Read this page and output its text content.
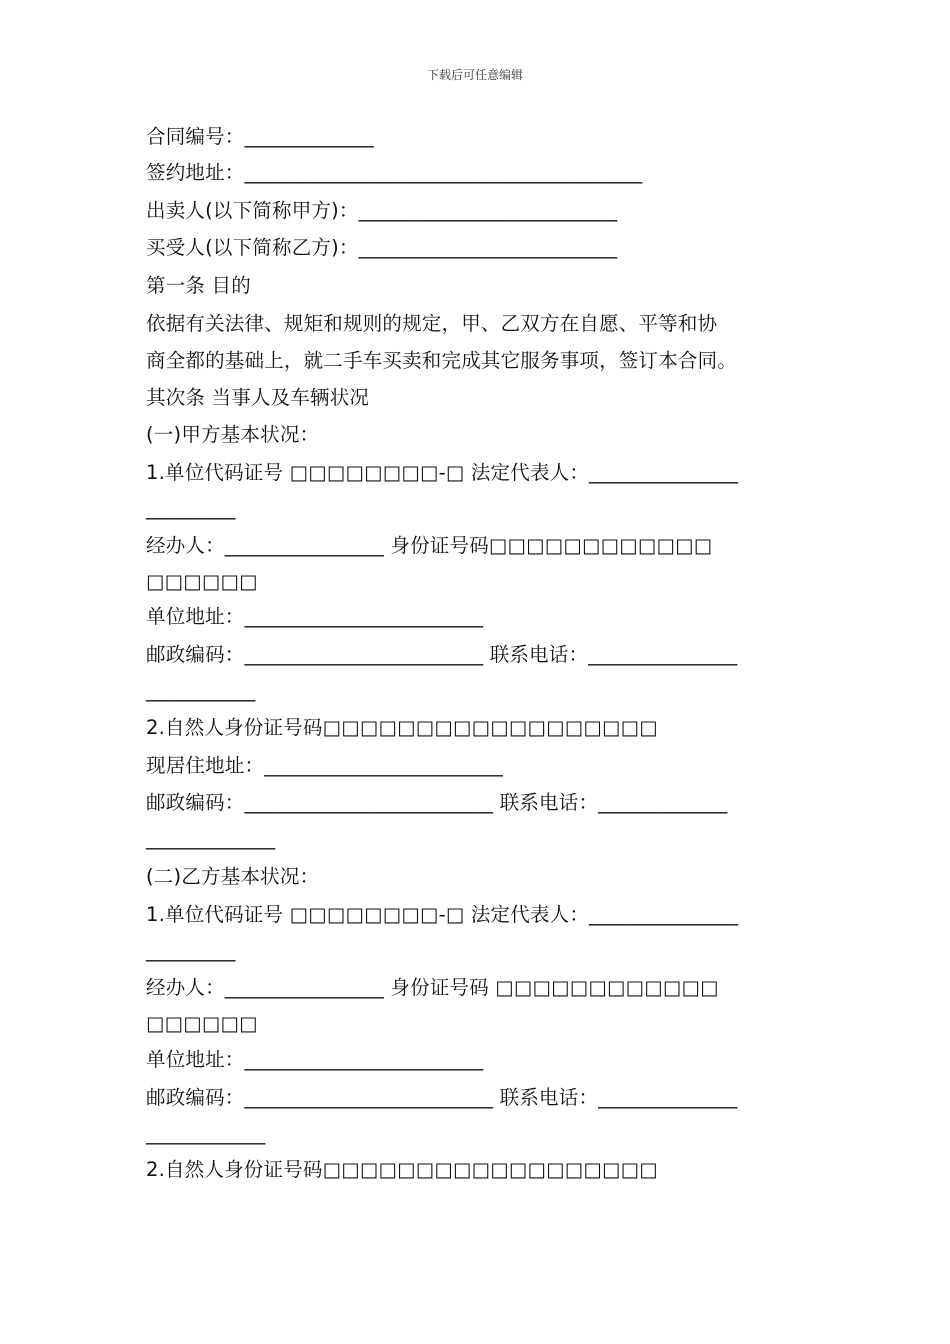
下载后可任意编辑
合同编号：_____________
签约地址：________________________________________
出卖人(以下简称甲方)：__________________________
买受人(以下简称乙方)：__________________________
第一条 目的
依据有关法律、规矩和规则的规定，甲、乙双方在自愿、平等和协
商全都的基础上，就二手车买卖和完成其它服务事项，签订本合同。
其次条 当事人及车辆状况
(一)甲方基本状况：
1.单位代码证号 □□□□□□□□-□ 法定代表人：_______________
_________
经办人：________________ 身份证号码□□□□□□□□□□□□
□□□□□□
单位地址：________________________
邮政编码：________________________ 联系电话：_______________
___________
2.自然人身份证号码□□□□□□□□□□□□□□□□□□
现居住地址：________________________
邮政编码：_________________________ 联系电话：_____________
_____________
(二)乙方基本状况：
1.单位代码证号 □□□□□□□□-□ 法定代表人：_______________
_________
经办人：________________ 身份证号码 □□□□□□□□□□□□
□□□□□□
单位地址：________________________
邮政编码：_________________________ 联系电话：______________
____________
2.自然人身份证号码□□□□□□□□□□□□□□□□□□
